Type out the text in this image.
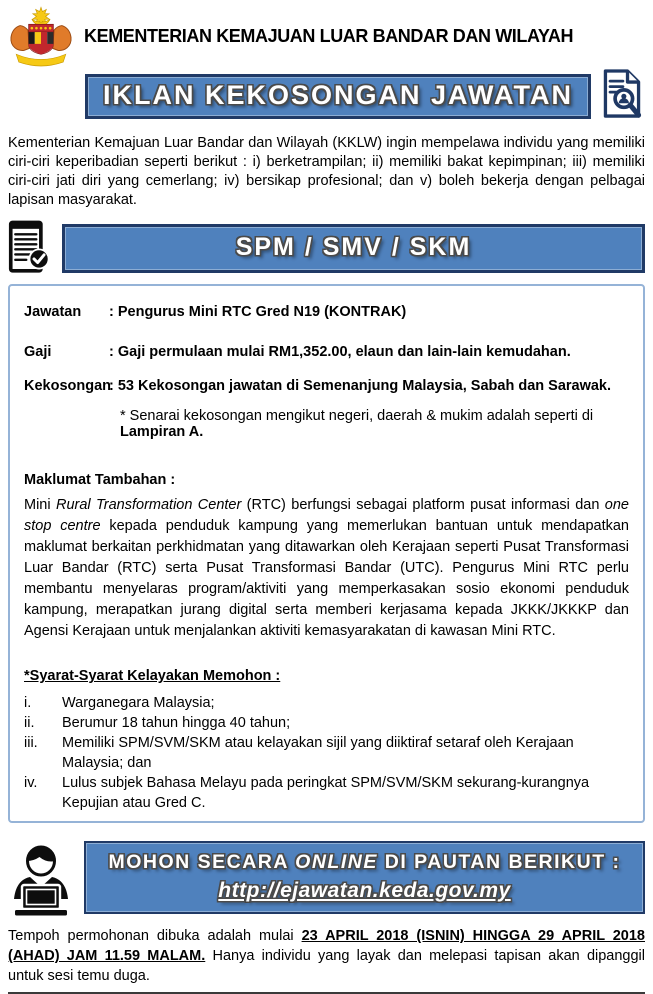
KEMENTERIAN KEMAJUAN LUAR BANDAR DAN WILAYAH
IKLAN KEKOSONGAN JAWATAN
Kementerian Kemajuan Luar Bandar dan Wilayah (KKLW) ingin mempelawa individu yang memiliki ciri-ciri keperibadian seperti berikut : i) berketrampilan; ii) memiliki bakat kepimpinan; iii) memiliki ciri-ciri jati diri yang cemerlang; iv) bersikap profesional; dan v) boleh bekerja dengan pelbagai lapisan masyarakat.
SPM / SMV / SKM
Jawatan	: Pengurus Mini RTC Gred N19 (KONTRAK)
Gaji	: Gaji permulaan mulai RM1,352.00, elaun dan lain-lain kemudahan.
Kekosongan
: 53 Kekosongan jawatan di Semenanjung Malaysia, Sabah dan Sarawak.
* Senarai kekosongan mengikut negeri, daerah & mukim adalah seperti di Lampiran A.
Maklumat Tambahan :
Mini Rural Transformation Center (RTC) berfungsi sebagai platform pusat informasi dan one stop centre kepada penduduk kampung yang memerlukan bantuan untuk mendapatkan maklumat berkaitan perkhidmatan yang ditawarkan oleh Kerajaan seperti Pusat Transformasi Luar Bandar (RTC) serta Pusat Transformasi Bandar (UTC). Pengurus Mini RTC perlu membantu menyelaras program/aktiviti yang memperkasakan sosio ekonomi penduduk kampung, merapatkan jurang digital serta memberi kerjasama kepada JKKK/JKKKP dan Agensi Kerajaan untuk menjalankan aktiviti kemasyarakatan di kawasan Mini RTC.
*Syarat-Syarat Kelayakan Memohon :
i.	Warganegara Malaysia;
ii.	Berumur 18 tahun hingga 40 tahun;
iii.	Memiliki SPM/SVM/SKM atau kelayakan sijil yang diiktiraf setaraf oleh Kerajaan Malaysia; dan
iv.	Lulus subjek Bahasa Melayu pada peringkat SPM/SVM/SKM sekurang-kurangnya Kepujian atau Gred C.
MOHON SECARA ONLINE DI PAUTAN BERIKUT :
http://ejawatan.keda.gov.my
Tempoh permohonan dibuka adalah mulai 23 APRIL 2018 (ISNIN) HINGGA 29 APRIL 2018 (AHAD) JAM 11.59 MALAM. Hanya individu yang layak dan melepasi tapisan akan dipanggil untuk sesi temu duga.
